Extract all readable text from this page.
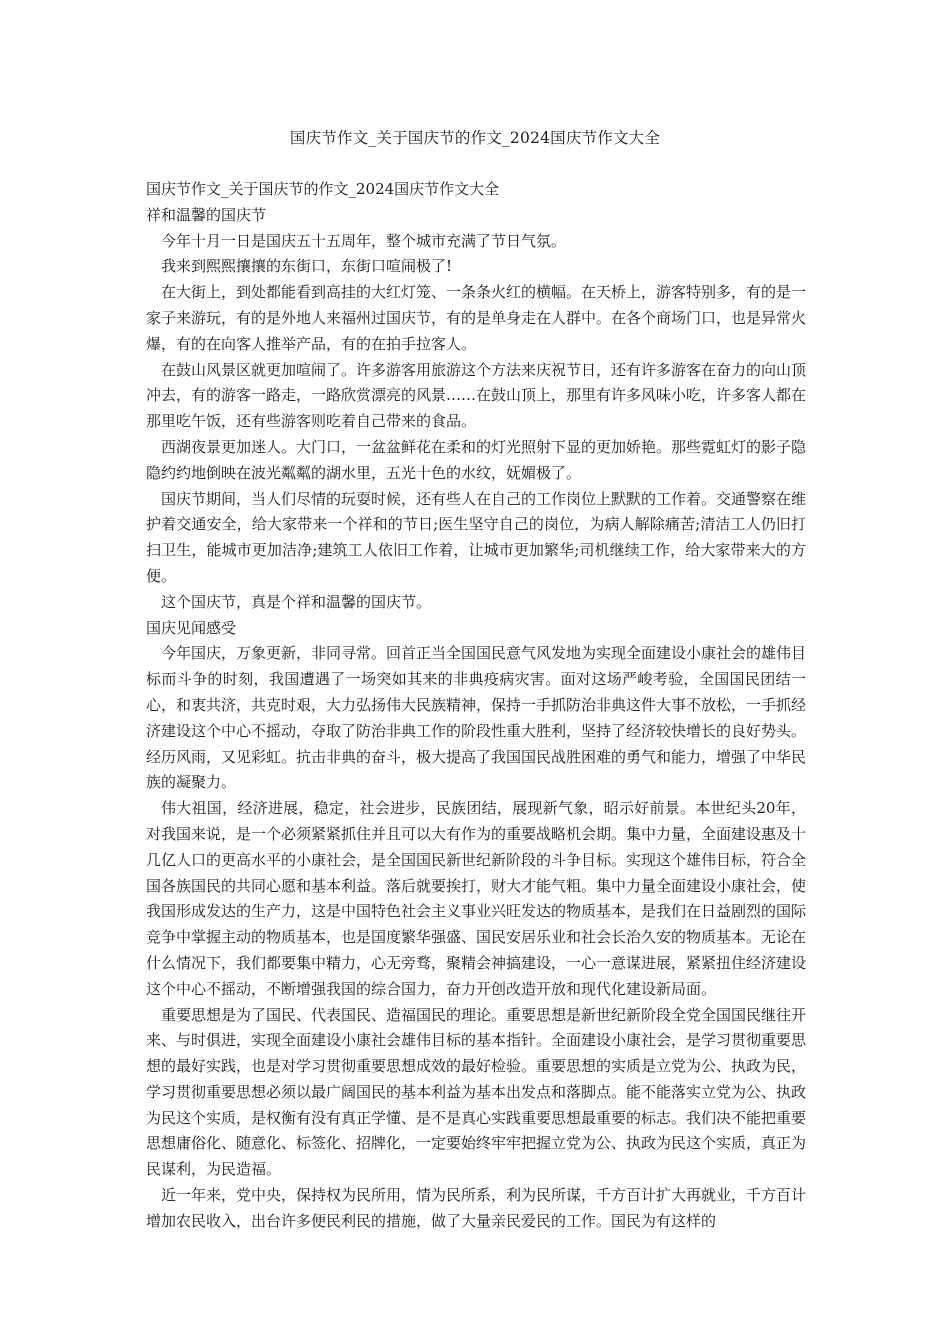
国庆节作文_关于国庆节的作文_2024国庆节作文大全

国庆节作文_关于国庆节的作文_2024国庆节作文大全

祥和温馨的国庆节

今年十月一日是国庆五十五周年，整个城市充满了节日气氛。

我来到熙熙攘攘的东街口，东街口喧闹极了!

在大街上，到处都能看到高挂的大红灯笼、一条条火红的横幅。在天桥上，游客特别多，有的是一家子来游玩，有的是外地人来福州过国庆节，有的是单身走在人群中。在各个商场门口，也是异常火爆，有的在向客人推举产品，有的在拍手拉客人。

在鼓山风景区就更加喧闹了。许多游客用旅游这个方法来庆祝节日，还有许多游客在奋力的向山顶冲去，有的游客一路走，一路欣赏漂亮的风景……在鼓山顶上，那里有许多风味小吃，许多客人都在那里吃午饭，还有些游客则吃着自己带来的食品。

西湖夜景更加迷人。大门口，一盆盆鲜花在柔和的灯光照射下显的更加娇艳。那些霓虹灯的影子隐隐约约地倒映在波光粼粼的湖水里，五光十色的水纹，妩媚极了。

国庆节期间，当人们尽情的玩耍时候，还有些人在自己的工作岗位上默默的工作着。交通警察在维护着交通安全，给大家带来一个祥和的节日;医生坚守自己的岗位，为病人解除痛苦;清洁工人仍旧打扫卫生，能城市更加洁净;建筑工人依旧工作着，让城市更加繁华;司机继续工作，给大家带来大的方便。

这个国庆节，真是个祥和温馨的国庆节。

国庆见闻感受

今年国庆，万象更新，非同寻常。回首正当全国国民意气风发地为实现全面建设小康社会的雄伟目标而斗争的时刻，我国遭遇了一场突如其来的非典疫病灾害。面对这场严峻考验，全国国民团结一心，和衷共济，共克时艰，大力弘扬伟大民族精神，保持一手抓防治非典这件大事不放松，一手抓经济建设这个中心不摇动，夺取了防治非典工作的阶段性重大胜利，坚持了经济较快增长的良好势头。经历风雨，又见彩虹。抗击非典的奋斗，极大提高了我国国民战胜困难的勇气和能力，增强了中华民族的凝聚力。

伟大祖国，经济进展，稳定，社会进步，民族团结，展现新气象，昭示好前景。本世纪头20年，对我国来说，是一个必须紧紧抓住并且可以大有作为的重要战略机会期。集中力量，全面建设惠及十几亿人口的更高水平的小康社会，是全国国民新世纪新阶段的斗争目标。实现这个雄伟目标，符合全国各族国民的共同心愿和基本利益。落后就要挨打，财大才能气粗。集中力量全面建设小康社会，使我国形成发达的生产力，这是中国特色社会主义事业兴旺发达的物质基本，是我们在日益剧烈的国际竞争中掌握主动的物质基本，也是国度繁华强盛、国民安居乐业和社会长治久安的物质基本。无论在什么情况下，我们都要集中精力，心无旁骛，聚精会神搞建设，一心一意谋进展，紧紧扭住经济建设这个中心不摇动，不断增强我国的综合国力，奋力开创改造开放和现代化建设新局面。

重要思想是为了国民、代表国民、造福国民的理论。重要思想是新世纪新阶段全党全国国民继往开来、与时俱进，实现全面建设小康社会雄伟目标的基本指针。全面建设小康社会，是学习贯彻重要思想的最好实践，也是对学习贯彻重要思想成效的最好检验。重要思想的实质是立党为公、执政为民，学习贯彻重要思想必须以最广阔国民的基本利益为基本出发点和落脚点。能不能落实立党为公、执政为民这个实质，是权衡有没有真正学懂、是不是真心实践重要思想最重要的标志。我们决不能把重要思想庸俗化、随意化、标签化、招牌化，一定要始终牢牢把握立党为公、执政为民这个实质，真正为民谋利，为民造福。

近一年来，党中央，保持权为民所用，情为民所系，利为民所谋，千方百计扩大再就业，千方百计增加农民收入，出台许多便民利民的措施，做了大量亲民爱民的工作。国民为有这样的
